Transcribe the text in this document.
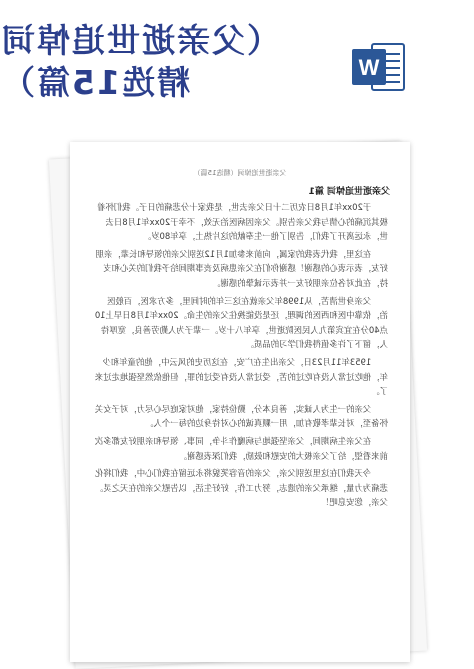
（父亲逝世追悼词
精选15篇）	W
父亲逝世追悼词（精选15篇）
父亲逝世追悼词 篇1

于20xx年1月8日农历二十日父亲去世，是我家十分悲痛的日子。我们怀着极其沉痛的心情与我父亲告别。父亲因病医治无效，不幸于20xx年1月8日去世，永远离开了我们，告别了他一生奉献的这片热土，享年80岁。

在这里，我代表我的家属，向前来参加1月12送别父亲的领导和长辈，亲朋好友，表示衷心的感谢！感谢你们在父亲患病及丧事期间给予我们的关心和支持，在此对各位亲朋好友一并表示诚挚的感谢。

父亲身世清苦，从1998年父亲就在这三年的时间里，多方求医，百般医治，依靠中医和西医的调理，还是没能挽住父亲的生命。20xx年1月8日早上10点40分在宜宾第九人民医院逝世，享年八十岁。一辈子为人勤劳善良，宽厚待人，留下了许多值得我们学习的品质。

1953年11月23日，父亲出生在广安，在这历史的风云中，他的童年和少年，他吃过常人没有吃过的苦，受过常人没有受过的罪，但他依然坚强地走过来了。

父亲的一生为人诚实，善良本分，勤俭持家，他对家庭尽心尽力，对子女关怀备至，对长辈孝敬有加，用一颗真诚的心对待身边的每一个人。

在父亲生病期间，父亲坚强地与病魔作斗争，同事、领导和亲朋好友都多次前来看望，给了父亲极大的安慰和鼓励，我们深表感谢。

今天我们在这里送别父亲，父亲的音容笑貌将永远留在我们心中，我们将化悲痛为力量，继承父亲的遗志，努力工作，好好生活，以告慰父亲的在天之灵。父亲，您安息吧！
